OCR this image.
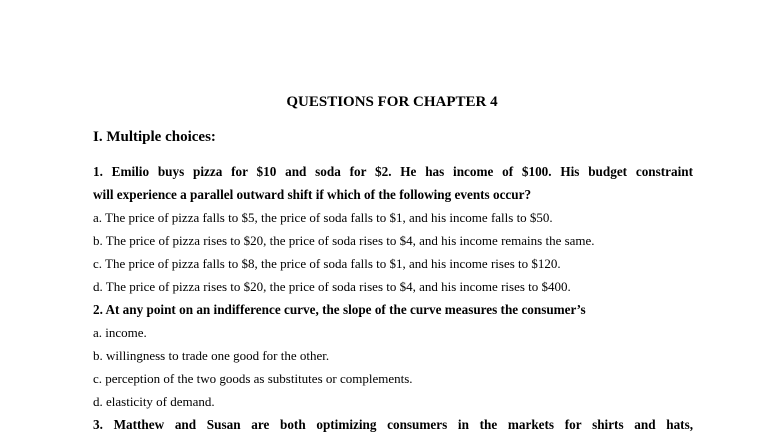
QUESTIONS FOR CHAPTER 4
I. Multiple choices:
1. Emilio buys pizza for $10 and soda for $2. He has income of $100. His budget constraint
will experience a parallel outward shift if which of the following events occur?
a. The price of pizza falls to $5, the price of soda falls to $1, and his income falls to $50.
b. The price of pizza rises to $20, the price of soda rises to $4, and his income remains the same.
c. The price of pizza falls to $8, the price of soda falls to $1, and his income rises to $120.
d. The price of pizza rises to $20, the price of soda rises to $4, and his income rises to $400.
2. At any point on an indifference curve, the slope of the curve measures the consumer’s
a. income.
b. willingness to trade one good for the other.
c. perception of the two goods as substitutes or complements.
d. elasticity of demand.
3. Matthew and Susan are both optimizing consumers in the markets for shirts and hats,
